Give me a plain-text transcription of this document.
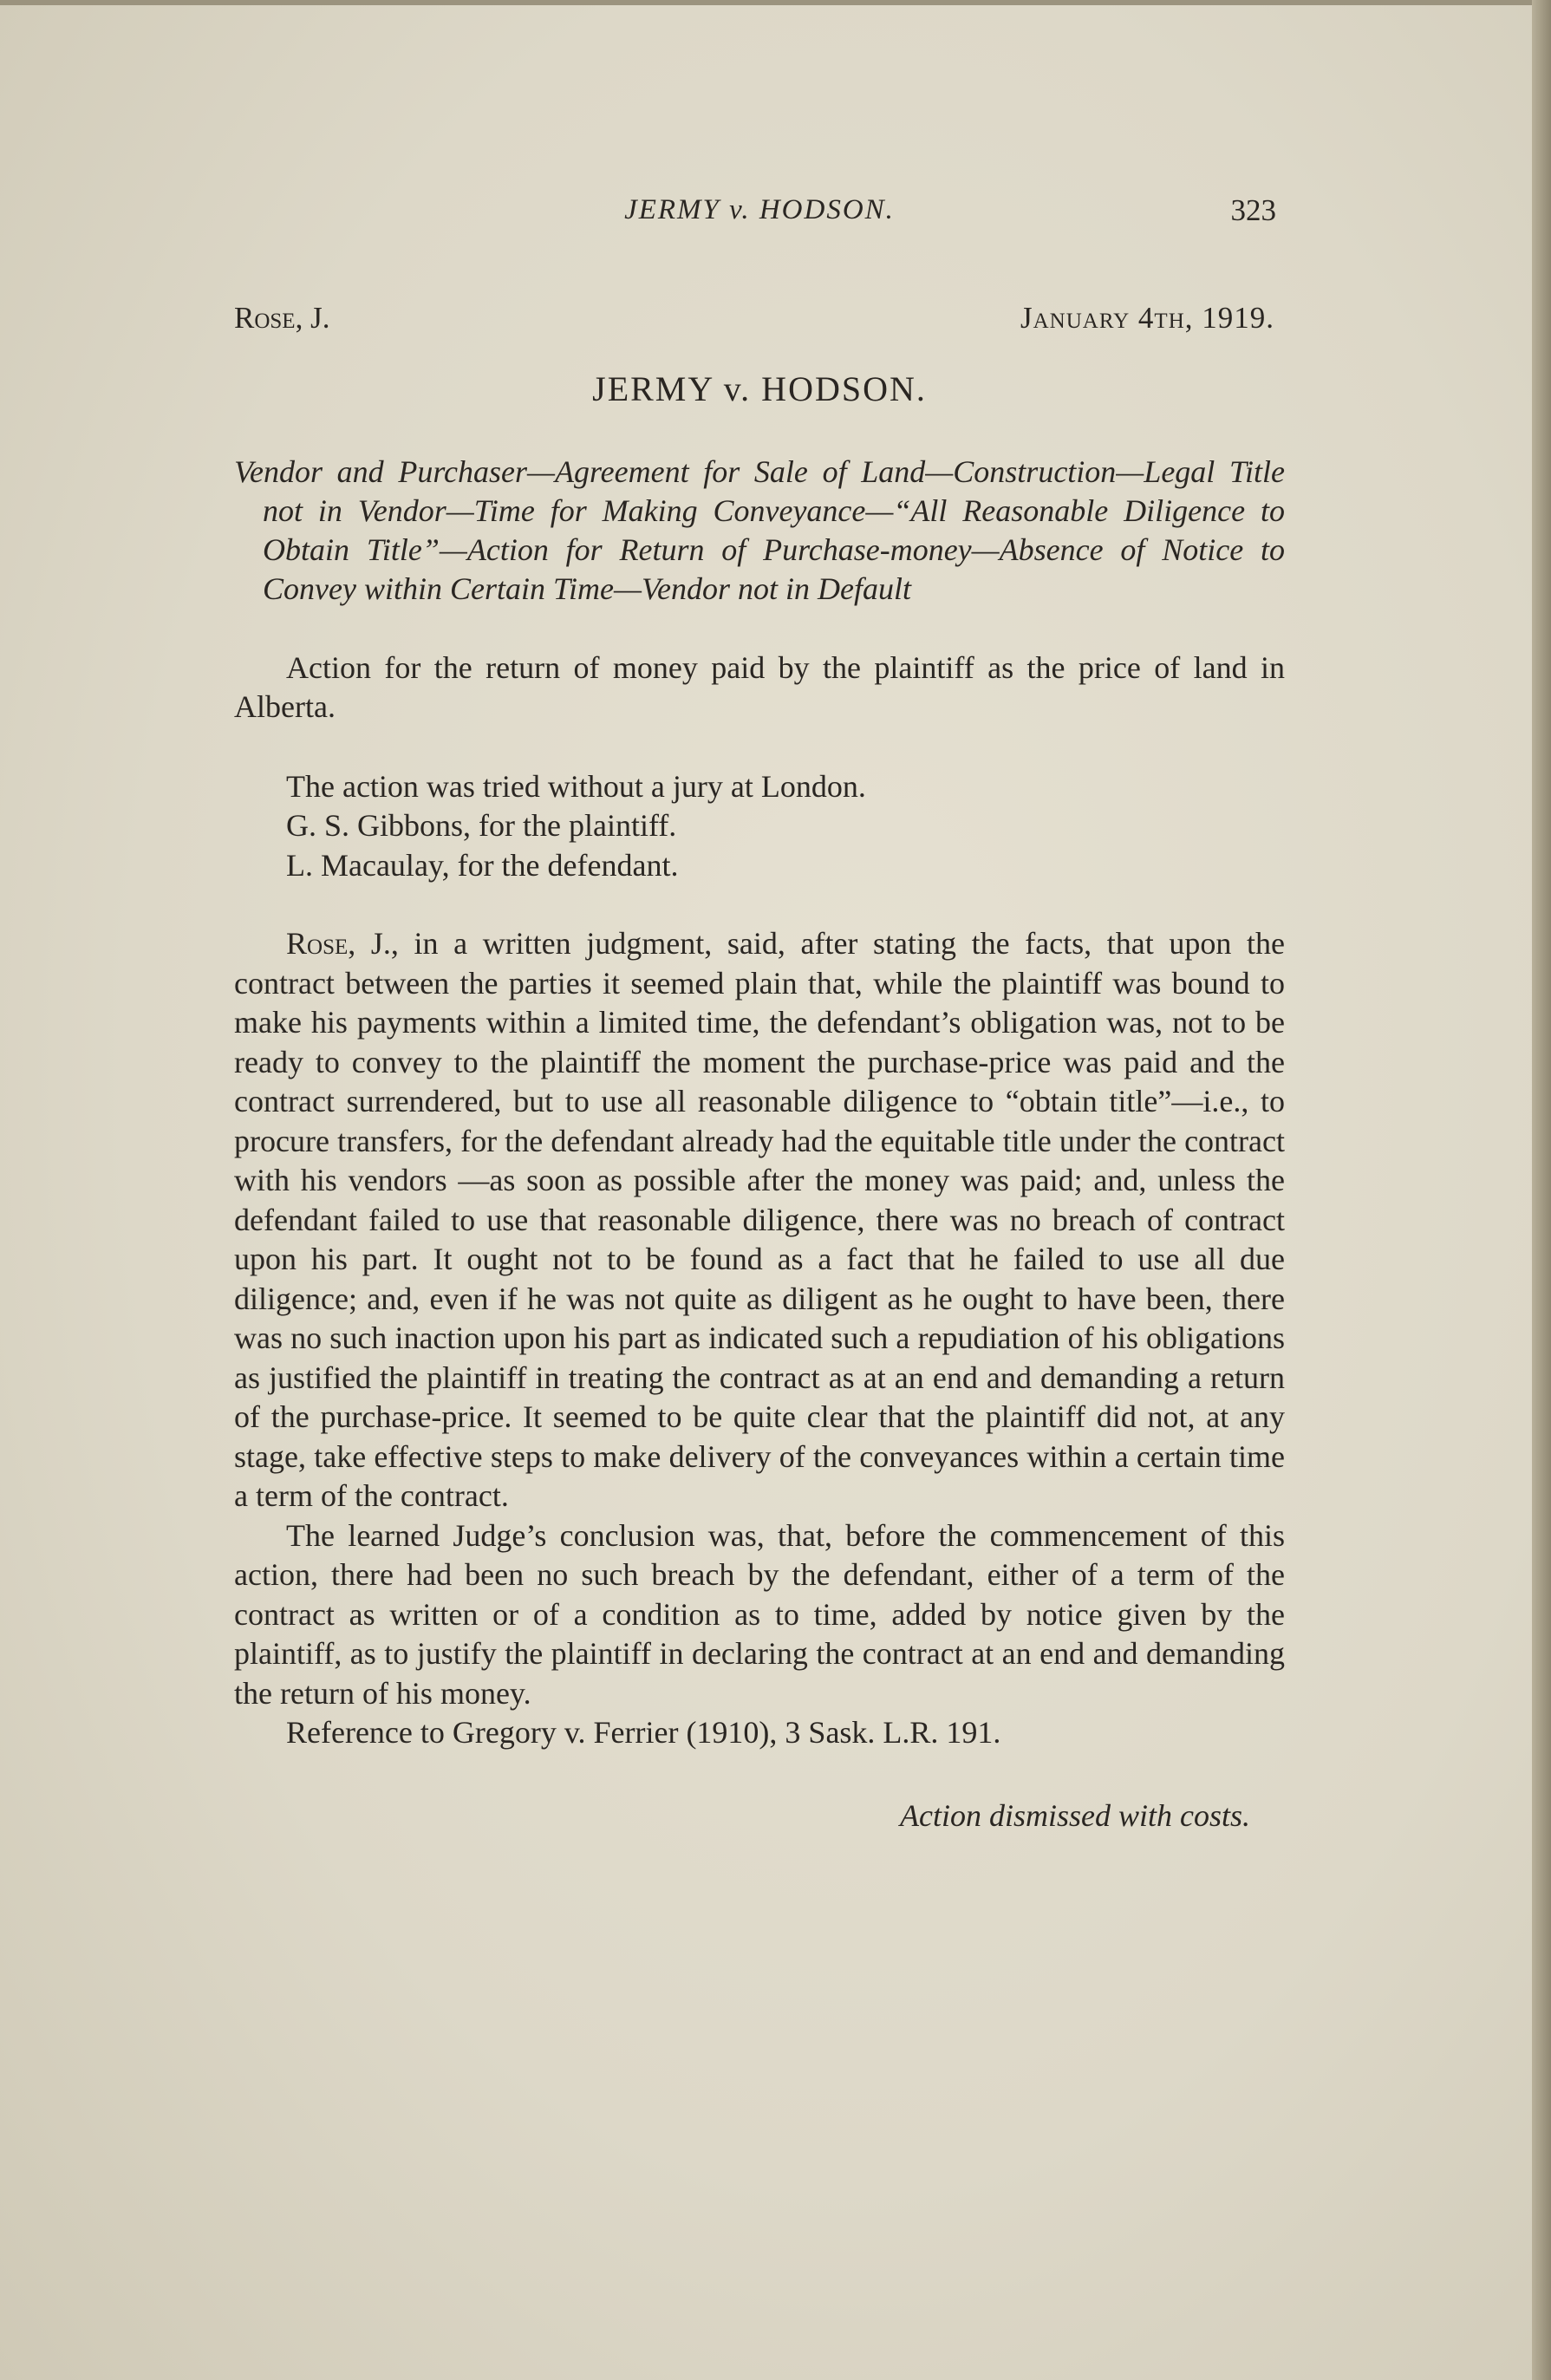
JERMY v. HODSON.	323
Rose, J.	January 4th, 1919.
JERMY v. HODSON.
Vendor and Purchaser—Agreement for Sale of Land—Construction—Legal Title not in Vendor—Time for Making Conveyance—“All Reasonable Diligence to Obtain Title”—Action for Return of Purchase-money—Absence of Notice to Convey within Certain Time—Vendor not in Default

Action for the return of money paid by the plaintiff as the price of land in Alberta.

The action was tried without a jury at London.
G. S. Gibbons, for the plaintiff.
L. Macaulay, for the defendant.

Rose, J., in a written judgment, said, after stating the facts, that upon the contract between the parties it seemed plain that, while the plaintiff was bound to make his payments within a limited time, the defendant’s obligation was, not to be ready to convey to the plaintiff the moment the purchase-price was paid and the contract surrendered, but to use all reasonable diligence to “obtain title”—i.e., to procure transfers, for the defendant already had the equitable title under the contract with his vendors —as soon as possible after the money was paid; and, unless the defendant failed to use that reasonable diligence, there was no breach of contract upon his part. It ought not to be found as a fact that he failed to use all due diligence; and, even if he was not quite as diligent as he ought to have been, there was no such inaction upon his part as indicated such a repudiation of his obligations as justified the plaintiff in treating the contract as at an end and demanding a return of the purchase-price. It seemed to be quite clear that the plaintiff did not, at any stage, take effective steps to make delivery of the conveyances within a certain time a term of the contract.

The learned Judge’s conclusion was, that, before the commencement of this action, there had been no such breach by the defendant, either of a term of the contract as written or of a condition as to time, added by notice given by the plaintiff, as to justify the plaintiff in declaring the contract at an end and demanding the return of his money.

Reference to Gregory v. Ferrier (1910), 3 Sask. L.R. 191.

Action dismissed with costs.
